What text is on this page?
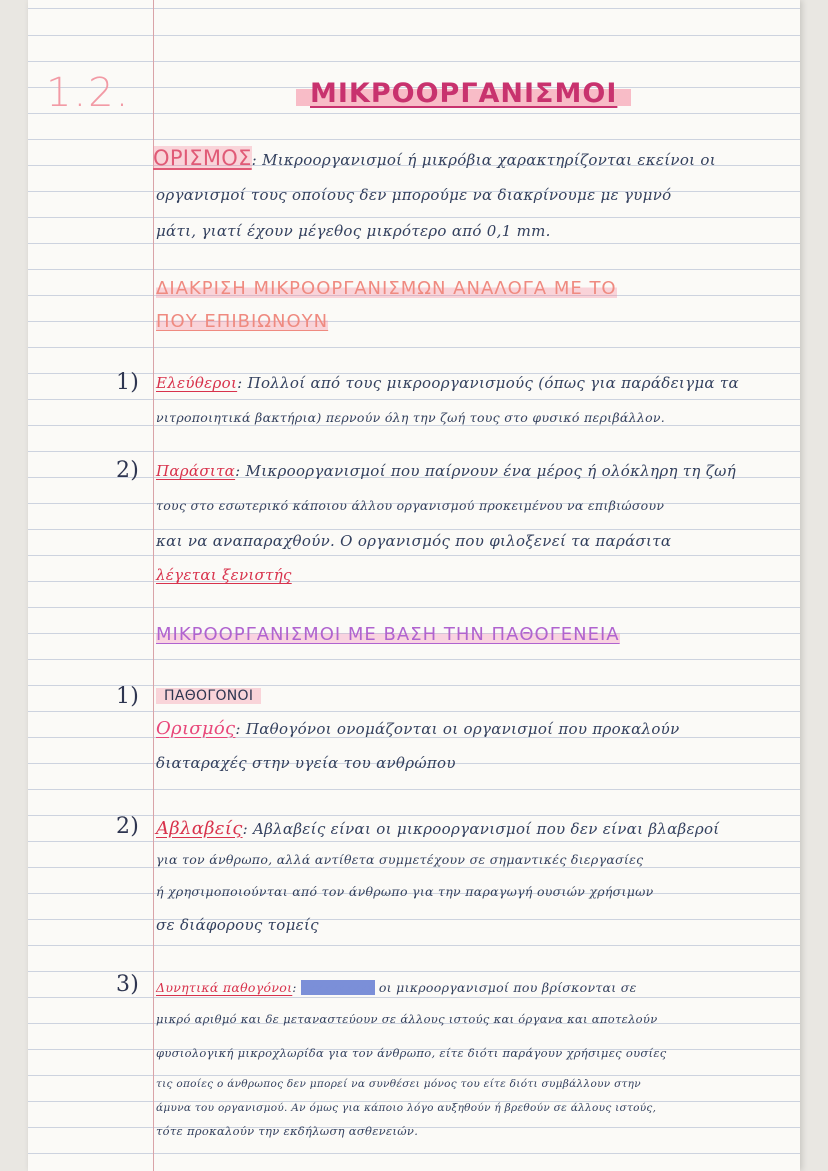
1.2.	ΜΙΚΡΟΟΡΓΑΝΙΣΜΟΙ
ΟΡΙΣΜΟΣ: Μικροοργανισμοί ή μικρόβια χαρακτηρίζονται εκείνοι οι
οργανισμοί τους οποίους δεν μπορούμε να διακρίνουμε με γυμνό
μάτι, γιατί έχουν μέγεθος μικρότερο από 0,1 mm.
ΔΙΑΚΡΙΣΗ ΜΙΚΡΟΟΡΓΑΝΙΣΜΩΝ ΑΝΑΛΟΓΑ ΜΕ ΤΟ
ΠΟΥ ΕΠΙΒΙΩΝΟΥΝ
1) Ελεύθεροι: Πολλοί από τους μικροοργανισμούς (όπως για παράδειγμα τα
νιτροποιητικά βακτήρια) περνούν όλη την ζωή τους στο φυσικό περιβάλλον.
2) Παράσιτα: Μικροοργανισμοί που παίρνουν ένα μέρος ή ολόκληρη τη ζωή
τους στο εσωτερικό κάποιου άλλου οργανισμού προκειμένου να επιβιώσουν
και να αναπαραχθούν. Ο οργανισμός που φιλοξενεί τα παράσιτα
λέγεται ξενιστής
ΜΙΚΡΟΟΡΓΑΝΙΣΜΟΙ ΜΕ ΒΑΣΗ ΤΗΝ ΠΑΘΟΓΕΝΕΙΑ
1)	ΠΑΘΟΓΟΝΟΙ
Ορισμός: Παθογόνοι ονομάζονται οι οργανισμοί που προκαλούν
διαταραχές στην υγεία του ανθρώπου
2) Αβλαβείς: Αβλαβείς είναι οι μικροοργανισμοί που δεν είναι βλαβεροί
για τον άνθρωπο, αλλά αντίθετα συμμετέχουν σε σημαντικές διεργασίες
ή χρησιμοποιούνται από τον άνθρωπο για την παραγωγή ουσιών χρήσιμων
σε διάφορους τομείς
3) Δυνητικά παθογόνοι: xxxxxxxxxx οι μικροοργανισμοί που βρίσκονται σε
μικρό αριθμό και δε μεταναστεύουν σε άλλους ιστούς και όργανα και αποτελούν
φυσιολογική μικροχλωρίδα για τον άνθρωπο, είτε διότι παράγουν χρήσιμες ουσίες
τις οποίες ο άνθρωπος δεν μπορεί να συνθέσει μόνος του είτε διότι συμβάλλουν στην
άμυνα του οργανισμού. Αν όμως για κάποιο λόγο αυξηθούν ή βρεθούν σε άλλους ιστούς,
τότε προκαλούν την εκδήλωση ασθενειών.
